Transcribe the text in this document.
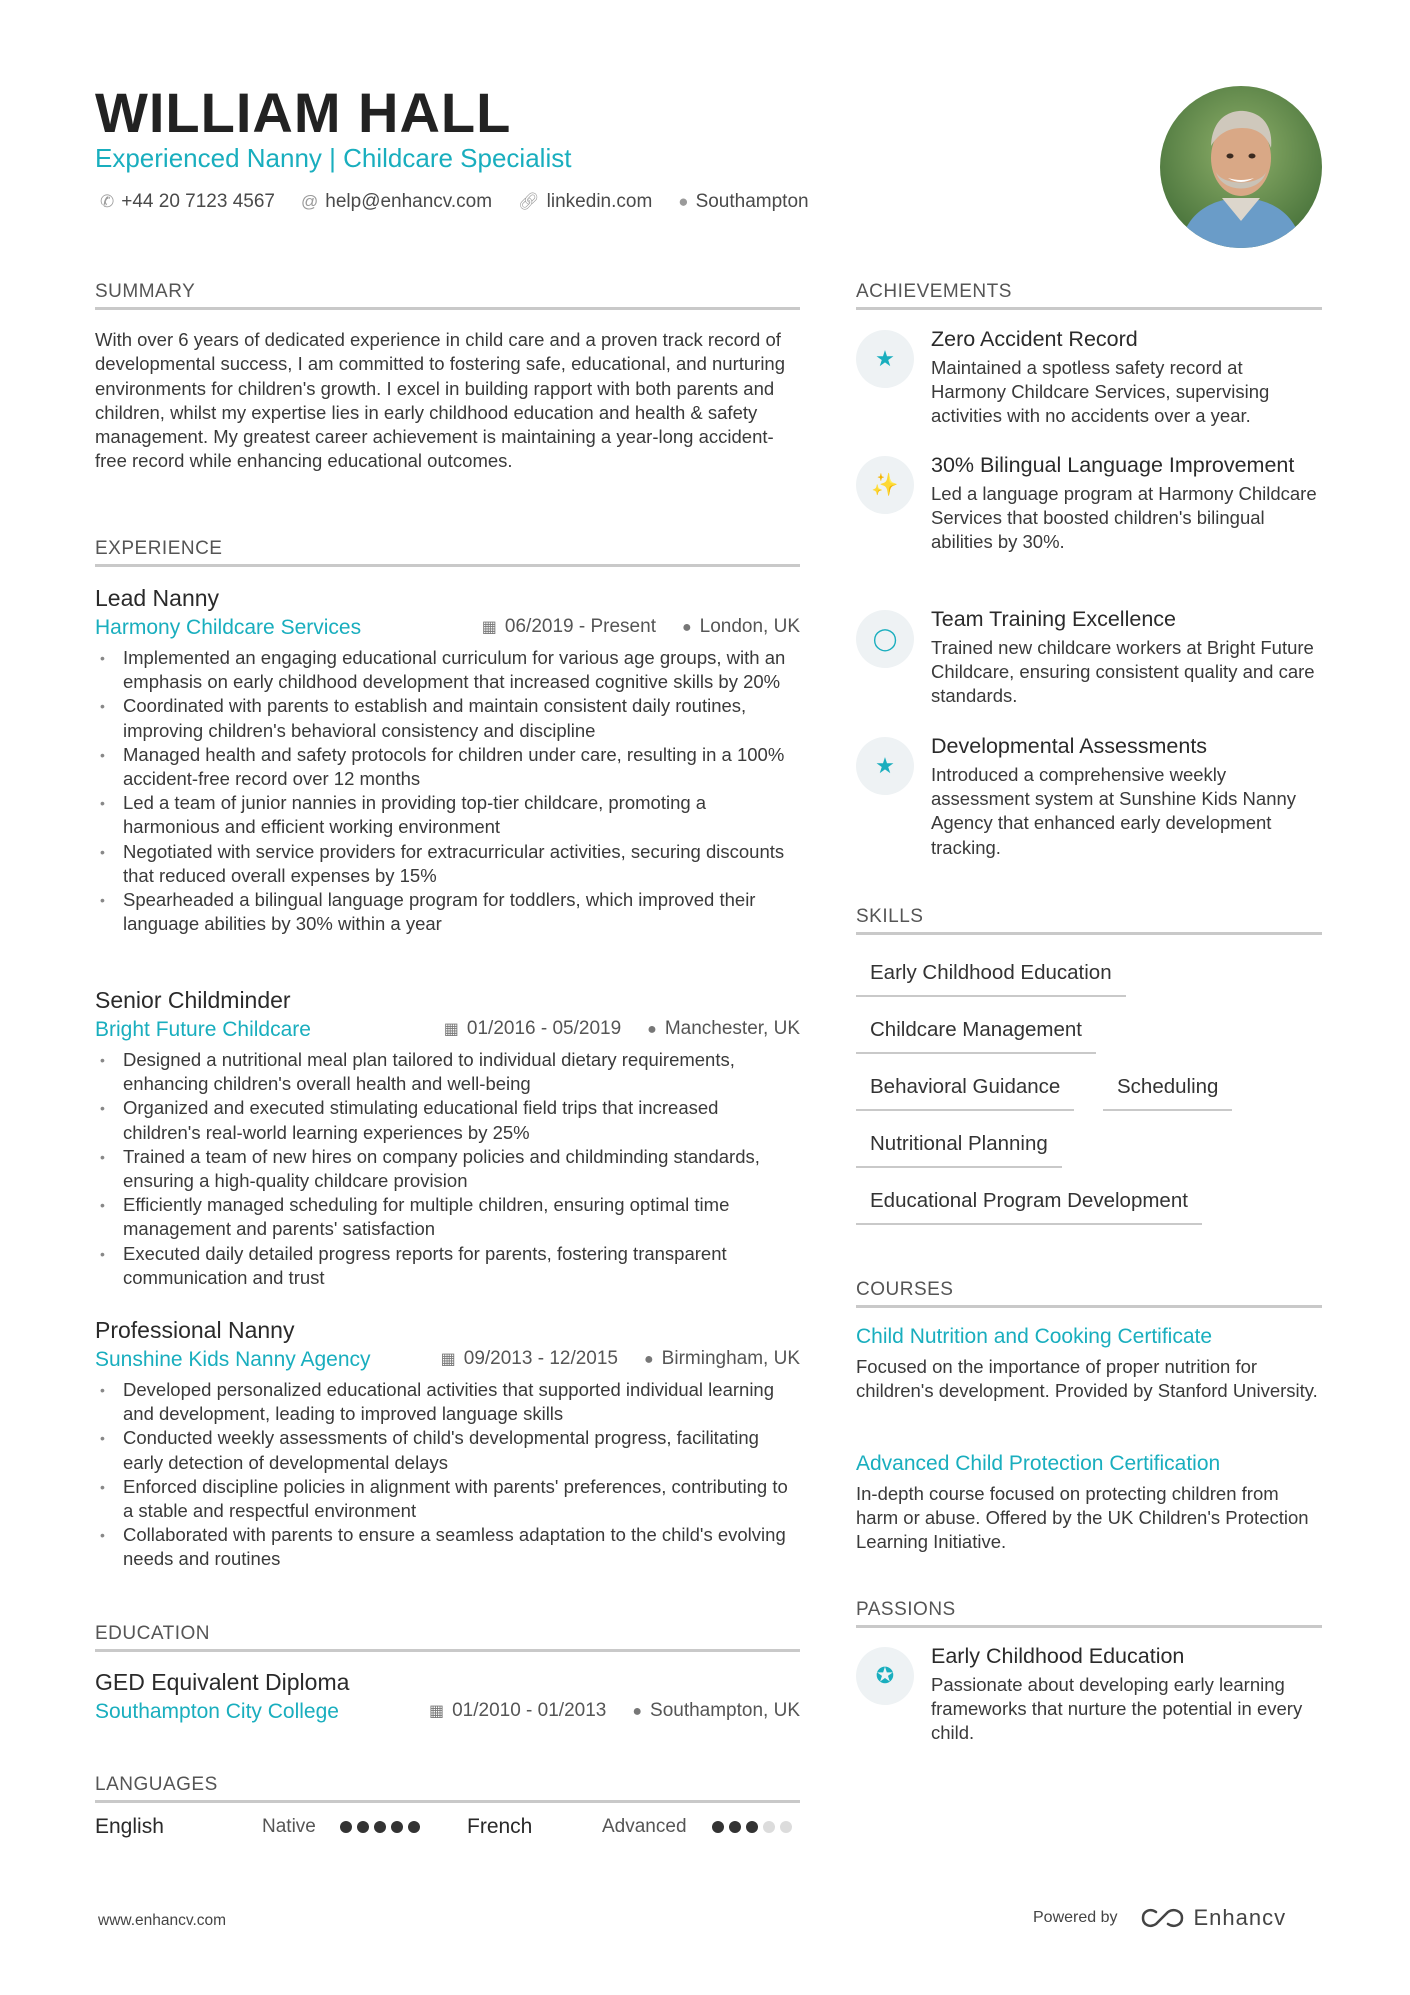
WILLIAM HALL
Experienced Nanny | Childcare Specialist
✆ +44 20 7123 4567 @ help@enhancv.com 🔗︎ linkedin.com ● Southampton
SUMMARY
With over 6 years of dedicated experience in child care and a proven track record of developmental success, I am committed to fostering safe, educational, and nurturing environments for children's growth. I excel in building rapport with both parents and children, whilst my expertise lies in early childhood education and health & safety management. My greatest career achievement is maintaining a year-long accident-free record while enhancing educational outcomes.
EXPERIENCE
Lead Nanny
Harmony Childcare Services	▦ 06/2019 - Present ● London, UK
• Implemented an engaging educational curriculum for various age groups, with an emphasis on early childhood development that increased cognitive skills by 20%
• Coordinated with parents to establish and maintain consistent daily routines, improving children's behavioral consistency and discipline
• Managed health and safety protocols for children under care, resulting in a 100% accident-free record over 12 months
• Led a team of junior nannies in providing top-tier childcare, promoting a harmonious and efficient working environment
• Negotiated with service providers for extracurricular activities, securing discounts that reduced overall expenses by 15%
• Spearheaded a bilingual language program for toddlers, which improved their language abilities by 30% within a year
Senior Childminder
Bright Future Childcare	▦ 01/2016 - 05/2019 ● Manchester, UK
• Designed a nutritional meal plan tailored to individual dietary requirements, enhancing children's overall health and well-being
• Organized and executed stimulating educational field trips that increased children's real-world learning experiences by 25%
• Trained a team of new hires on company policies and childminding standards, ensuring a high-quality childcare provision
• Efficiently managed scheduling for multiple children, ensuring optimal time management and parents' satisfaction
• Executed daily detailed progress reports for parents, fostering transparent communication and trust
Professional Nanny
Sunshine Kids Nanny Agency	▦ 09/2013 - 12/2015 ● Birmingham, UK
• Developed personalized educational activities that supported individual learning and development, leading to improved language skills
• Conducted weekly assessments of child's developmental progress, facilitating early detection of developmental delays
• Enforced discipline policies in alignment with parents' preferences, contributing to a stable and respectful environment
• Collaborated with parents to ensure a seamless adaptation to the child's evolving needs and routines
EDUCATION
GED Equivalent Diploma
Southampton City College	▦ 01/2010 - 01/2013 ● Southampton, UK
LANGUAGES
English	Native	French	Advanced
ACHIEVEMENTS
★
Zero Accident Record
Maintained a spotless safety record at Harmony Childcare Services, supervising activities with no accidents over a year.
✨
30% Bilingual Language Improvement
Led a language program at Harmony Childcare Services that boosted children's bilingual abilities by 30%.
◯
Team Training Excellence
Trained new childcare workers at Bright Future Childcare, ensuring consistent quality and care standards.
★
Developmental Assessments
Introduced a comprehensive weekly assessment system at Sunshine Kids Nanny Agency that enhanced early development tracking.
SKILLS
Early Childhood Education
Childcare Management
Behavioral Guidance	Scheduling
Nutritional Planning
Educational Program Development
COURSES
Child Nutrition and Cooking Certificate
Focused on the importance of proper nutrition for children's development. Provided by Stanford University.
Advanced Child Protection Certification
In-depth course focused on protecting children from harm or abuse. Offered by the UK Children's Protection Learning Initiative.
PASSIONS
✪
Early Childhood Education
Passionate about developing early learning frameworks that nurture the potential in every child.
www.enhancv.com	Powered by	Enhancv
